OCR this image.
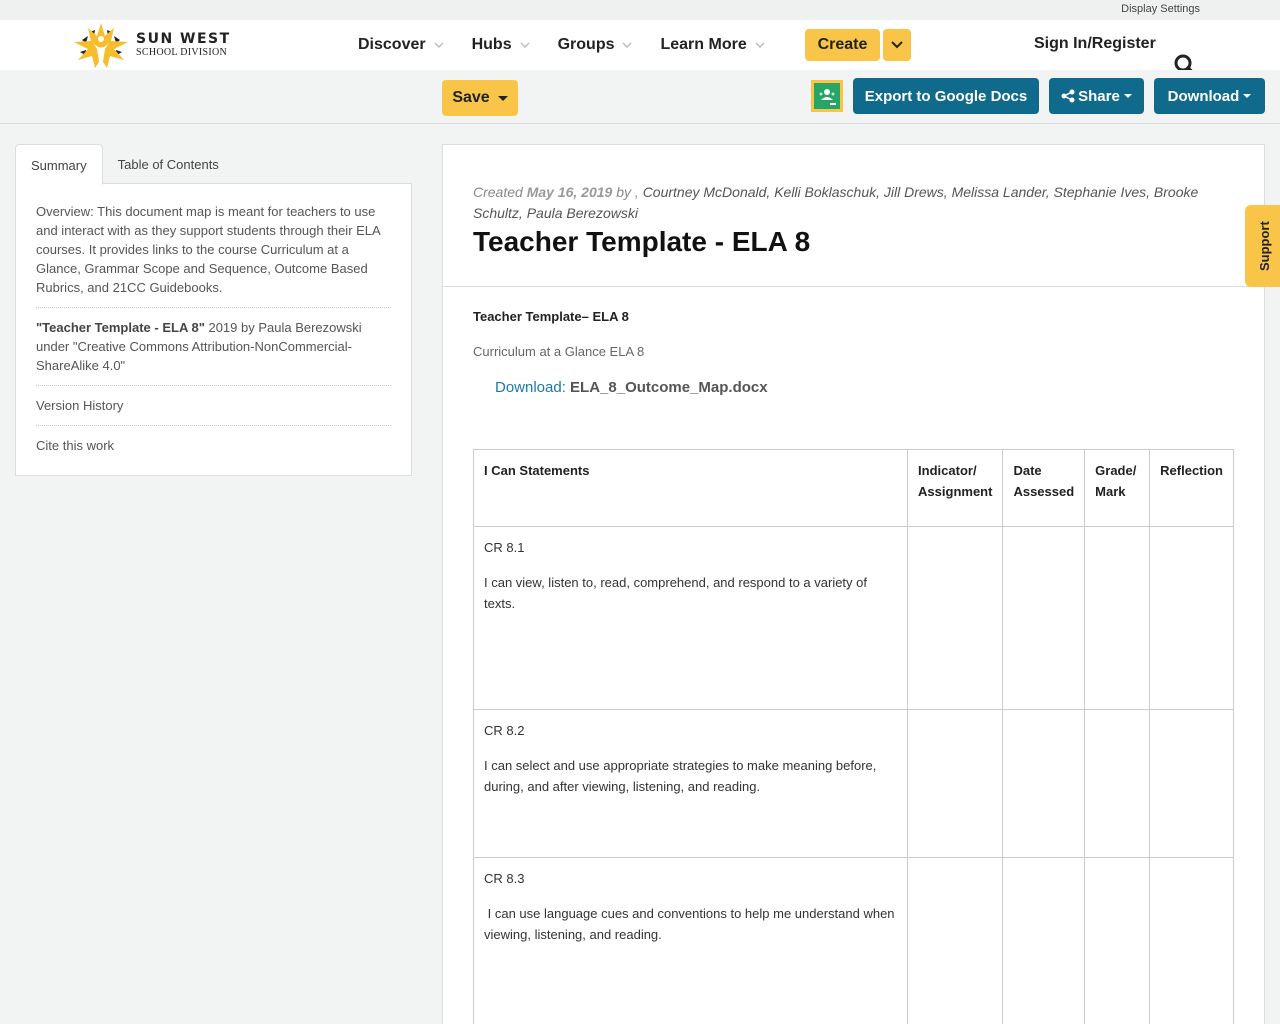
Display Settings
SUN WEST
SCHOOL DIVISION	Discover	Hubs	Groups	Learn More	Create	Sign In/Register
Save	Export to Google Docs	Share	Download
Summary	Table of Contents
Overview: This document map is meant for teachers to use and interact with as they support students through their ELA courses. It provides links to the course Curriculum at a Glance, Grammar Scope and Sequence, Outcome Based Rubrics, and 21CC Guidebooks.
"Teacher Template - ELA 8" 2019 by Paula Berezowski under "Creative Commons Attribution-NonCommercial-ShareAlike 4.0"
Version History
Cite this work
Created May 16, 2019 by , Courtney McDonald, Kelli Boklaschuk, Jill Drews, Melissa Lander, Stephanie Ives, Brooke Schultz, Paula Berezowski
Teacher Template - ELA 8
Teacher Template– ELA 8
Curriculum at a Glance ELA 8
Download: ELA_8_Outcome_Map.docx
I Can Statements	Indicator/ Assignment	Date Assessed	Grade/ Mark	Reflection

CR 8.1
I can view, listen to, read, comprehend, and respond to a variety of texts.				

CR 8.2
I can select and use appropriate strategies to make meaning before, during, and after viewing, listening, and reading.				

CR 8.3
I can use language cues and conventions to help me understand when viewing, listening, and reading.				

Support
